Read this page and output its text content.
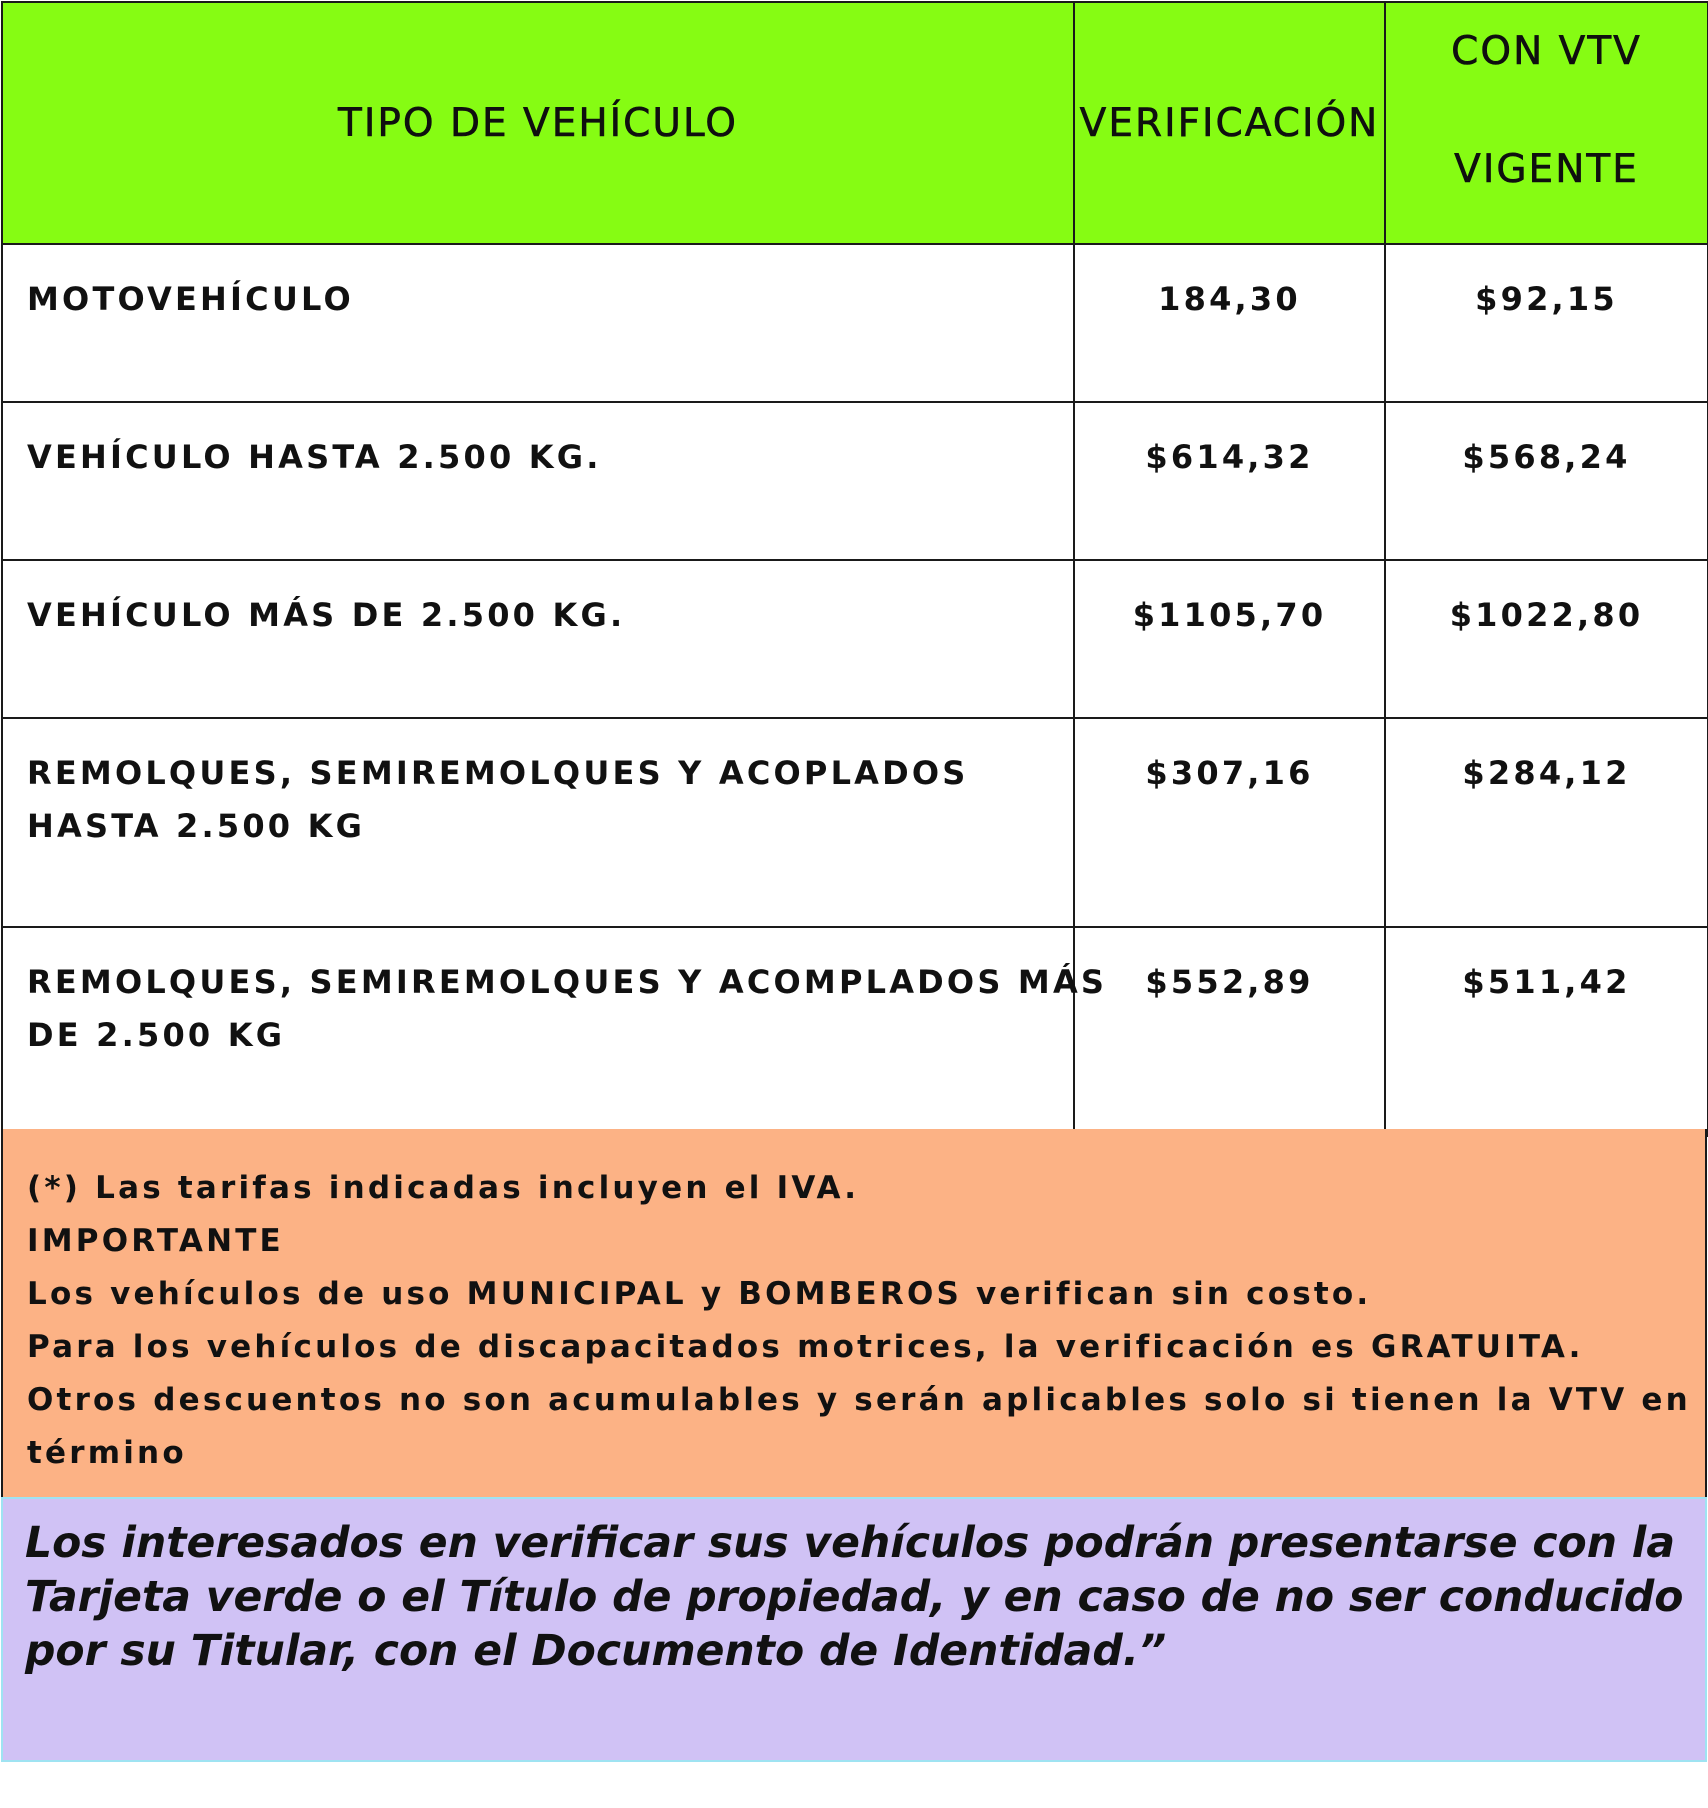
TIPO DE VEHÍCULO	VERIFICACIÓN	CON VTV
VIGENTE

MOTOVEHÍCULO	184,30	$92,15
VEHÍCULO HASTA 2.500 KG.	$614,32	$568,24
VEHÍCULO MÁS DE 2.500 KG.	$1105,70	$1022,80

REMOLQUES, SEMIREMOLQUES Y ACOPLADOS
HASTA 2.500 KG	$307,16	$284,12

REMOLQUES, SEMIREMOLQUES Y ACOMPLADOS MÁS
DE 2.500 KG	$552,89	$511,42
(*) Las tarifas indicadas incluyen el IVA.
IMPORTANTE
Los vehículos de uso MUNICIPAL y BOMBEROS verifican sin costo.
Para los vehículos de discapacitados motrices, la verificación es GRATUITA.
Otros descuentos no son acumulables y serán aplicables solo si tienen la VTV en
término

Los interesados en verificar sus vehículos podrán presentarse con la Tarjeta verde o el Título de propiedad, y en caso de no ser conducido por su Titular, con el Documento de Identidad.”
